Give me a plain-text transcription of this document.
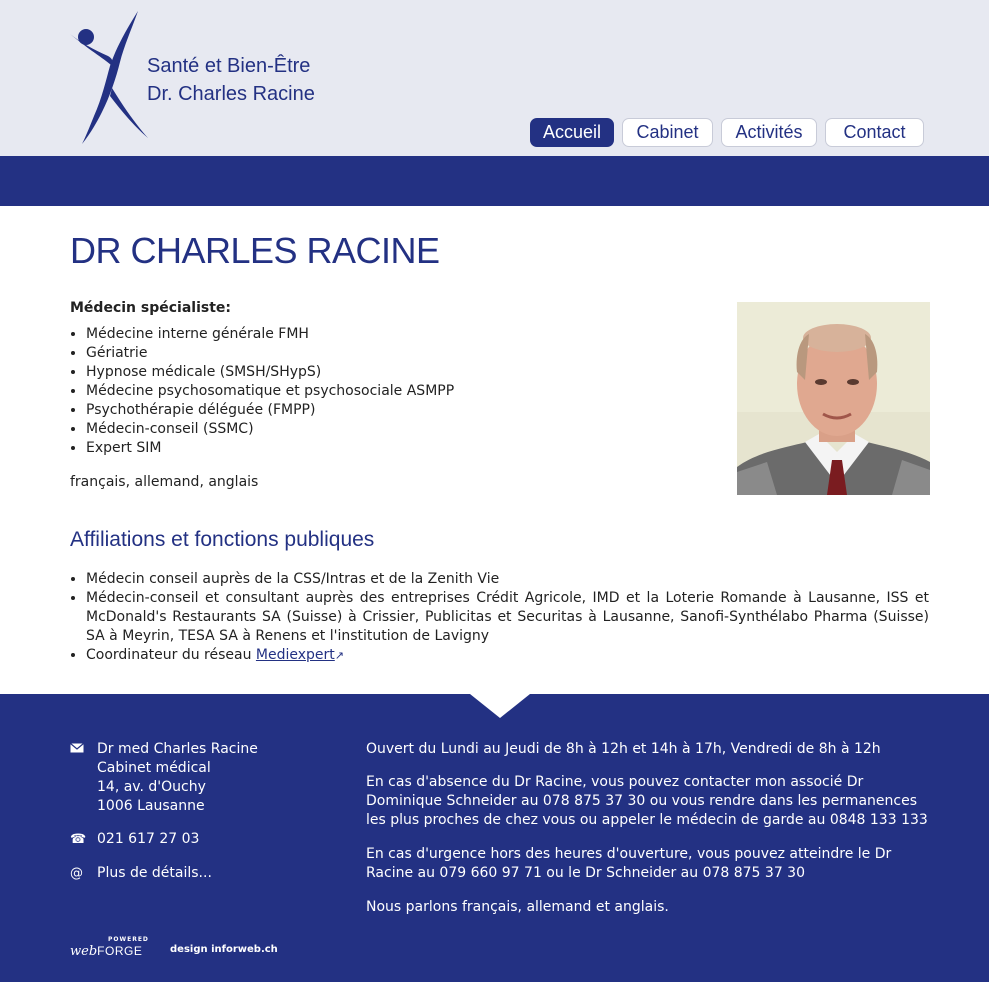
Santé et Bien-Être
Dr. Charles Racine
Accueil	Cabinet	Activités	Contact
DR CHARLES RACINE
Médecin spécialiste:
• Médecine interne générale FMH
• Gériatrie
• Hypnose médicale (SMSH/SHypS)
• Médecine psychosomatique et psychosociale ASMPP
• Psychothérapie déléguée (FMPP)
• Médecin-conseil (SSMC)
• Expert SIM
français, allemand, anglais
Affiliations et fonctions publiques
• Médecin conseil auprès de la CSS/Intras et de la Zenith Vie
• Médecin-conseil et consultant auprès des entreprises Crédit Agricole, IMD et la Loterie Romande à Lausanne, ISS et McDonald's Restaurants SA (Suisse) à Crissier, Publicitas et Securitas à Lausanne, Sanofi-Synthélabo Pharma (Suisse) SA à Meyrin, TESA SA à Renens et l'institution de Lavigny
• Coordinateur du réseau Mediexpert↗
Dr med Charles Racine
Cabinet médical
14, av. d'Ouchy
1006 Lausanne
☎ 021 617 27 03
@	Plus de détails...
Ouvert du Lundi au Jeudi de 8h à 12h et 14h à 17h, Vendredi de 8h à 12h
En cas d'absence du Dr Racine, vous pouvez contacter mon associé Dr Dominique Schneider au 078 875 37 30 ou vous rendre dans les permanences les plus proches de chez vous ou appeler le médecin de garde au 0848 133 133
En cas d'urgence hors des heures d'ouverture, vous pouvez atteindre le Dr Racine au 079 660 97 71 ou le Dr Schneider au 078 875 37 30
Nous parlons français, allemand et anglais.
POWERED
webFORGE	design inforweb.ch
